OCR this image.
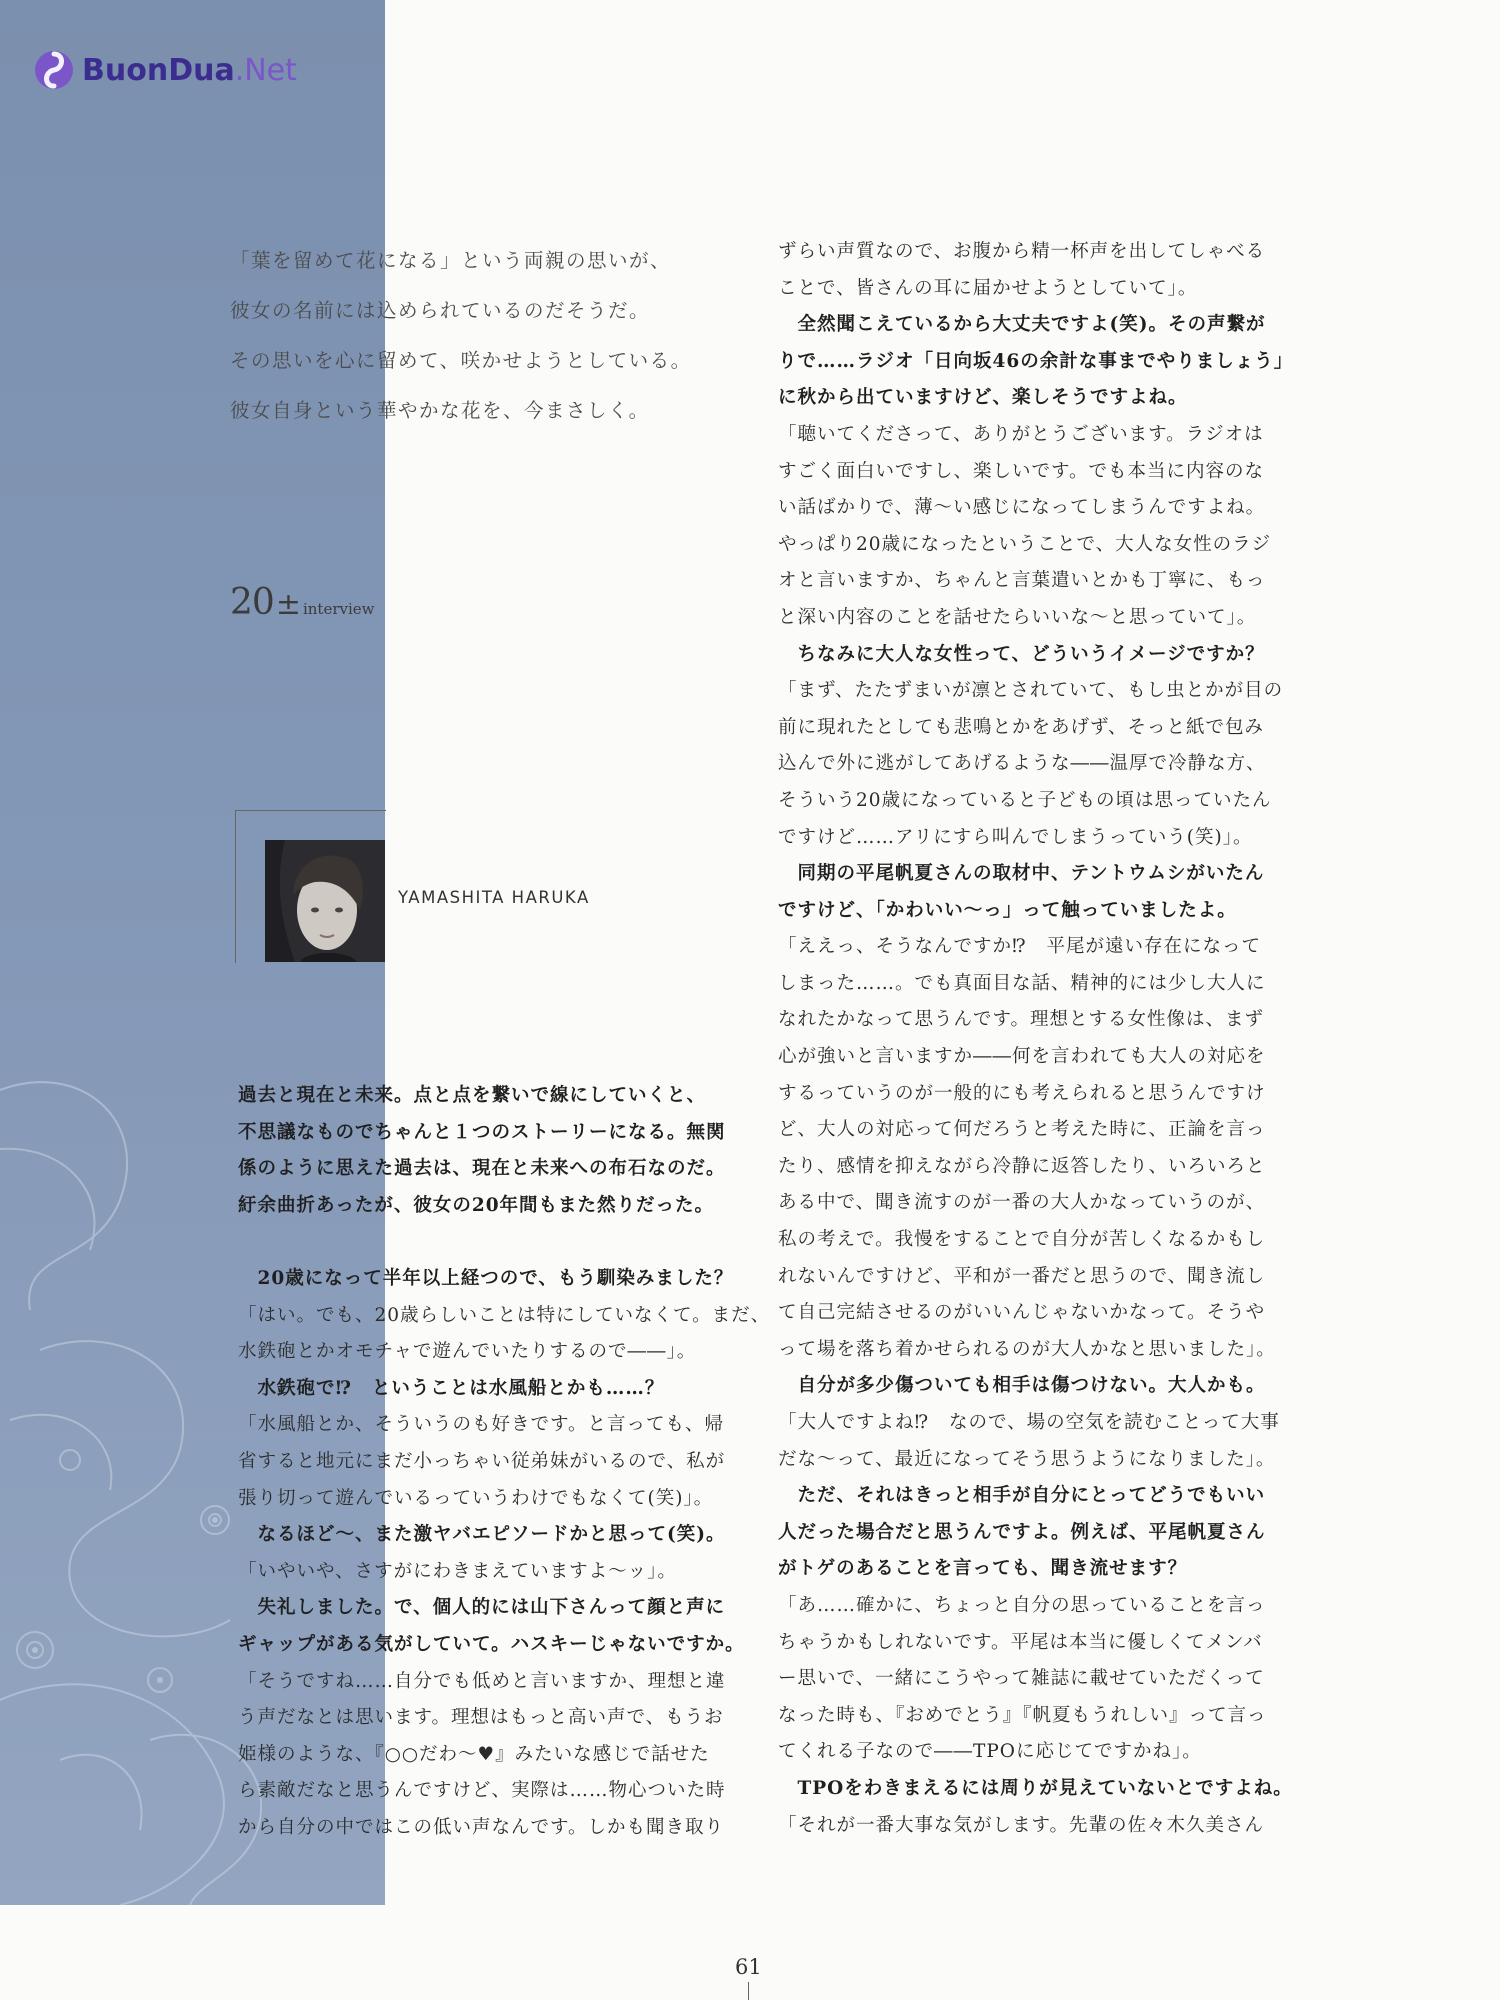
BuonDua.Net
「葉を留めて花になる」という両親の思いが、
彼女の名前には込められているのだそうだ。
その思いを心に留めて、咲かせようとしている。
彼女自身という華やかな花を、今まさしく。
20 ± interview
YAMASHITA HARUKA

過去と現在と未来。点と点を繋いで線にしていくと、

不思議なものでちゃんと１つのストーリーになる。無関

係のように思えた過去は、現在と未来への布石なのだ。

紆余曲折あったが、彼女の20年間もまた然りだった。

　20歳になって半年以上経つので、もう馴染みました？

「はい。でも、20歳らしいことは特にしていなくて。まだ、

水鉄砲とかオモチャで遊んでいたりするので――」。

　水鉄砲で⁉　ということは水風船とかも……？

「水風船とか、そういうのも好きです。と言っても、帰

省すると地元にまだ小っちゃい従弟妹がいるので、私が

張り切って遊んでいるっていうわけでもなくて(笑)」。

　なるほど～、また激ヤバエピソードかと思って(笑)。

「いやいや、さすがにわきまえていますよ～ッ」。

　失礼しました。で、個人的には山下さんって顔と声に

ギャップがある気がしていて。ハスキーじゃないですか。

「そうですね……自分でも低めと言いますか、理想と違

う声だなとは思います。理想はもっと高い声で、もうお

姫様のような、『○○だわ～♥』みたいな感じで話せた

ら素敵だなと思うんですけど、実際は……物心ついた時

から自分の中ではこの低い声なんです。しかも聞き取り

ずらい声質なので、お腹から精一杯声を出してしゃべる

ことで、皆さんの耳に届かせようとしていて」。

　全然聞こえているから大丈夫ですよ(笑)。その声繋が

りで……ラジオ「日向坂46の余計な事までやりましょう」

に秋から出ていますけど、楽しそうですよね。

「聴いてくださって、ありがとうございます。ラジオは

すごく面白いですし、楽しいです。でも本当に内容のな

い話ばかりで、薄～い感じになってしまうんですよね。

やっぱり20歳になったということで、大人な女性のラジ

オと言いますか、ちゃんと言葉遣いとかも丁寧に、もっ

と深い内容のことを話せたらいいな～と思っていて」。

　ちなみに大人な女性って、どういうイメージですか？

「まず、たたずまいが凛とされていて、もし虫とかが目の

前に現れたとしても悲鳴とかをあげず、そっと紙で包み

込んで外に逃がしてあげるような――温厚で冷静な方、

そういう20歳になっていると子どもの頃は思っていたん

ですけど……アリにすら叫んでしまうっていう(笑)」。

　同期の平尾帆夏さんの取材中、テントウムシがいたん

ですけど、「かわいい～っ」って触っていましたよ。

「ええっ、そうなんですか⁉　平尾が遠い存在になって

しまった……。でも真面目な話、精神的には少し大人に

なれたかなって思うんです。理想とする女性像は、まず

心が強いと言いますか――何を言われても大人の対応を

するっていうのが一般的にも考えられると思うんですけ

ど、大人の対応って何だろうと考えた時に、正論を言っ

たり、感情を抑えながら冷静に返答したり、いろいろと

ある中で、聞き流すのが一番の大人かなっていうのが、

私の考えで。我慢をすることで自分が苦しくなるかもし

れないんですけど、平和が一番だと思うので、聞き流し

て自己完結させるのがいいんじゃないかなって。そうや

って場を落ち着かせられるのが大人かなと思いました」。

　自分が多少傷ついても相手は傷つけない。大人かも。

「大人ですよね⁉　なので、場の空気を読むことって大事

だな～って、最近になってそう思うようになりました」。

　ただ、それはきっと相手が自分にとってどうでもいい

人だった場合だと思うんですよ。例えば、平尾帆夏さん

がトゲのあることを言っても、聞き流せます？

「あ……確かに、ちょっと自分の思っていることを言っ

ちゃうかもしれないです。平尾は本当に優しくてメンバ

ー思いで、一緒にこうやって雑誌に載せていただくって

なった時も、『おめでとう』『帆夏もうれしい』って言っ

てくれる子なので――TPOに応じてですかね」。

　TPOをわきまえるには周りが見えていないとですよね。

「それが一番大事な気がします。先輩の佐々木久美さん

61
